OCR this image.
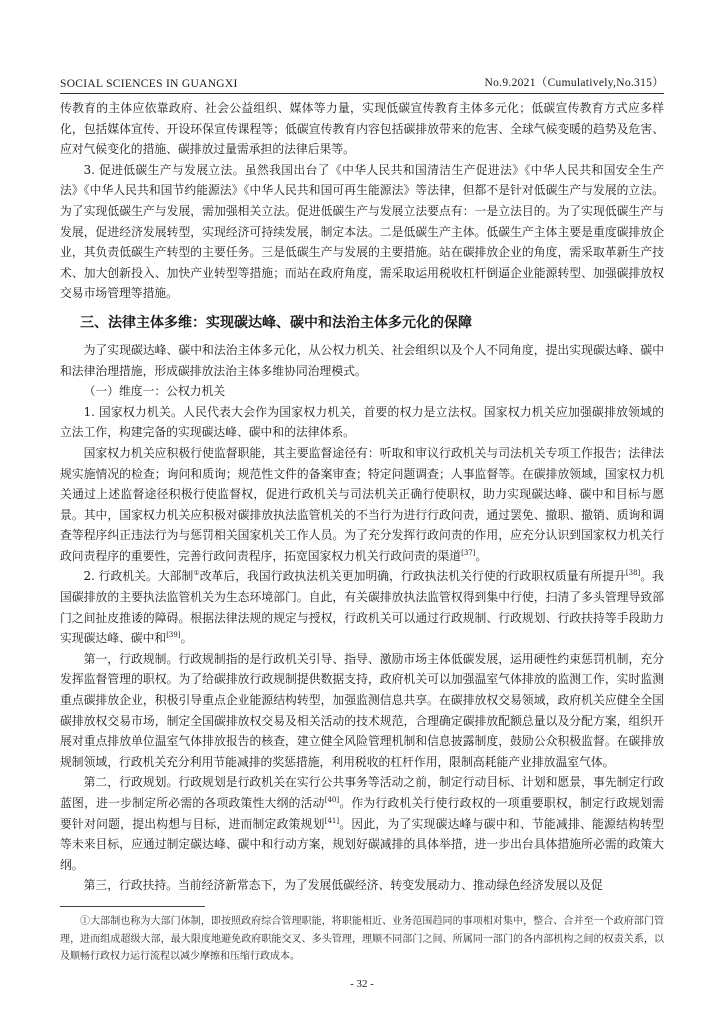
SOCIAL SCIENCES IN GUANGXI	No.9.2021（Cumulatively,No.315）

传教育的主体应依靠政府、社会公益组织、媒体等力量，实现低碳宣传教育主体多元化；低碳宣传教育方式应多样化，包括媒体宣传、开设环保宣传课程等；低碳宣传教育内容包括碳排放带来的危害、全球气候变暖的趋势及危害、应对气候变化的措施、碳排放过量需承担的法律后果等。

3. 促进低碳生产与发展立法。虽然我国出台了《中华人民共和国清洁生产促进法》《中华人民共和国安全生产法》《中华人民共和国节约能源法》《中华人民共和国可再生能源法》等法律，但都不是针对低碳生产与发展的立法。为了实现低碳生产与发展，需加强相关立法。促进低碳生产与发展立法要点有：一是立法目的。为了实现低碳生产与发展，促进经济发展转型，实现经济可持续发展，制定本法。二是低碳生产主体。低碳生产主体主要是重度碳排放企业，其负责低碳生产转型的主要任务。三是低碳生产与发展的主要措施。站在碳排放企业的角度，需采取革新生产技术、加大创新投入、加快产业转型等措施；而站在政府角度，需采取运用税收杠杆倒逼企业能源转型、加强碳排放权交易市场管理等措施。

三、法律主体多维：实现碳达峰、碳中和法治主体多元化的保障

为了实现碳达峰、碳中和法治主体多元化，从公权力机关、社会组织以及个人不同角度，提出实现碳达峰、碳中和法律治理措施，形成碳排放法治主体多维协同治理模式。

（一）维度一：公权力机关

1. 国家权力机关。人民代表大会作为国家权力机关，首要的权力是立法权。国家权力机关应加强碳排放领域的立法工作，构建完备的实现碳达峰、碳中和的法律体系。

国家权力机关应积极行使监督职能，其主要监督途径有：听取和审议行政机关与司法机关专项工作报告；法律法规实施情况的检查；询问和质询；规范性文件的备案审查；特定问题调查；人事监督等。在碳排放领域，国家权力机关通过上述监督途径积极行使监督权，促进行政机关与司法机关正确行使职权，助力实现碳达峰、碳中和目标与愿景。其中，国家权力机关应积极对碳排放执法监管机关的不当行为进行行政问责，通过罢免、撤职、撤销、质询和调查等程序纠正违法行为与惩罚相关国家机关工作人员。为了充分发挥行政问责的作用，应充分认识到国家权力机关行政问责程序的重要性，完善行政问责程序，拓宽国家权力机关行政问责的渠道[37]。

2. 行政机关。大部制①改革后，我国行政执法机关更加明确，行政执法机关行使的行政职权质量有所提升[38]。我国碳排放的主要执法监管机关为生态环境部门。自此，有关碳排放执法监管权得到集中行使，扫清了多头管理导致部门之间扯皮推诿的障碍。根据法律法规的规定与授权，行政机关可以通过行政规制、行政规划、行政扶持等手段助力实现碳达峰、碳中和[39]。

第一，行政规制。行政规制指的是行政机关引导、指导、激励市场主体低碳发展，运用硬性约束惩罚机制，充分发挥监督管理的职权。为了给碳排放行政规制提供数据支持，政府机关可以加强温室气体排放的监测工作，实时监测重点碳排放企业，积极引导重点企业能源结构转型，加强监测信息共享。在碳排放权交易领域，政府机关应健全全国碳排放权交易市场，制定全国碳排放权交易及相关活动的技术规范，合理确定碳排放配额总量以及分配方案，组织开展对重点排放单位温室气体排放报告的核查，建立健全风险管理机制和信息披露制度，鼓励公众积极监督。在碳排放规制领域，行政机关充分利用节能减排的奖惩措施，利用税收的杠杆作用，限制高耗能产业排放温室气体。

第二，行政规划。行政规划是行政机关在实行公共事务等活动之前，制定行动目标、计划和愿景，事先制定行政蓝图，进一步制定所必需的各项政策性大纲的活动[40]。作为行政机关行使行政权的一项重要职权，制定行政规划需要针对问题，提出构想与目标，进而制定政策规划[41]。因此，为了实现碳达峰与碳中和、节能减排、能源结构转型等未来目标，应通过制定碳达峰、碳中和行动方案，规划好碳减排的具体举措，进一步出台具体措施所必需的政策大纲。

第三，行政扶持。当前经济新常态下，为了发展低碳经济、转变发展动力、推动绿色经济发展以及促

①大部制也称为大部门体制，即按照政府综合管理职能，将职能相近、业务范围趋同的事项相对集中，整合、合并至一个政府部门管理，进而组成超级大部，最大限度地避免政府职能交叉、多头管理，理顺不同部门之间、所属同一部门的各内部机构之间的权责关系，以及顺畅行政权力运行流程以减少摩擦和压缩行政成本。
- 32 -
